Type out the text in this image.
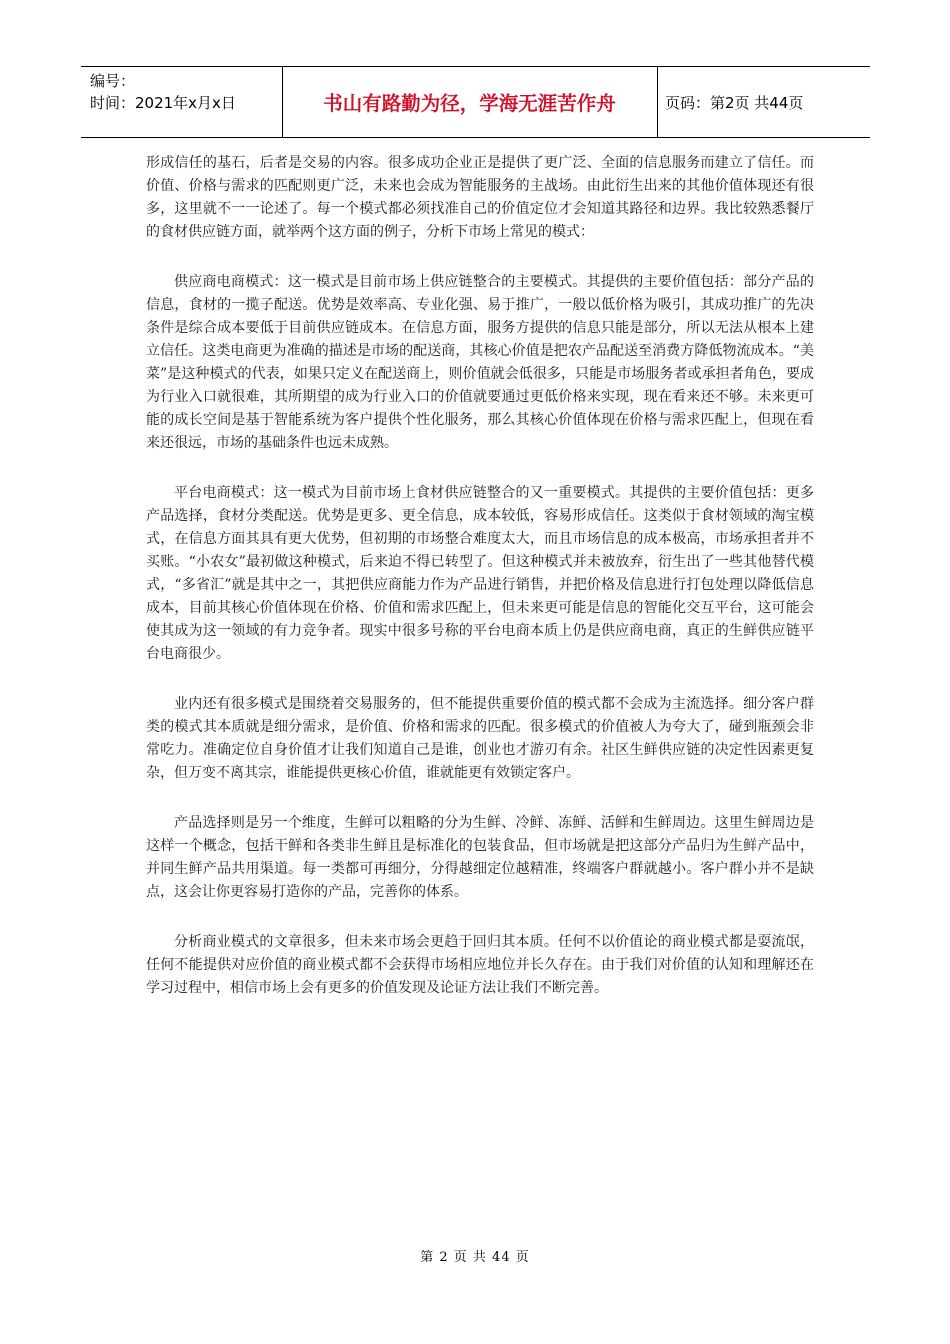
编号：
时间：2021年x月x日	书山有路勤为径，学海无涯苦作舟	页码：第2页 共44页

形成信任的基石，后者是交易的内容。很多成功企业正是提供了更广泛、全面的信息服务而建立了信任。而价值、价格与需求的匹配则更广泛，未来也会成为智能服务的主战场。由此衍生出来的其他价值体现还有很多，这里就不一一论述了。每一个模式都必须找准自己的价值定位才会知道其路径和边界。我比较熟悉餐厅的食材供应链方面，就举两个这方面的例子，分析下市场上常见的模式：

供应商电商模式：这一模式是目前市场上供应链整合的主要模式。其提供的主要价值包括：部分产品的信息，食材的一揽子配送。优势是效率高、专业化强、易于推广，一般以低价格为吸引，其成功推广的先决条件是综合成本要低于目前供应链成本。在信息方面，服务方提供的信息只能是部分，所以无法从根本上建立信任。这类电商更为准确的描述是市场的配送商，其核心价值是把农产品配送至消费方降低物流成本。“美菜”是这种模式的代表，如果只定义在配送商上，则价值就会低很多，只能是市场服务者或承担者角色，要成为行业入口就很难，其所期望的成为行业入口的价值就要通过更低价格来实现，现在看来还不够。未来更可能的成长空间是基于智能系统为客户提供个性化服务，那么其核心价值体现在价格与需求匹配上，但现在看来还很远，市场的基础条件也远未成熟。

平台电商模式：这一模式为目前市场上食材供应链整合的又一重要模式。其提供的主要价值包括：更多产品选择，食材分类配送。优势是更多、更全信息，成本较低，容易形成信任。这类似于食材领域的淘宝模式，在信息方面其具有更大优势，但初期的市场整合难度太大，而且市场信息的成本极高，市场承担者并不买账。“小农女”最初做这种模式，后来迫不得已转型了。但这种模式并未被放弃，衍生出了一些其他替代模式，“多省汇”就是其中之一，其把供应商能力作为产品进行销售，并把价格及信息进行打包处理以降低信息成本，目前其核心价值体现在价格、价值和需求匹配上，但未来更可能是信息的智能化交互平台，这可能会使其成为这一领域的有力竞争者。现实中很多号称的平台电商本质上仍是供应商电商，真正的生鲜供应链平台电商很少。

业内还有很多模式是围绕着交易服务的，但不能提供重要价值的模式都不会成为主流选择。细分客户群类的模式其本质就是细分需求，是价值、价格和需求的匹配。很多模式的价值被人为夸大了，碰到瓶颈会非常吃力。准确定位自身价值才让我们知道自己是谁，创业也才游刃有余。社区生鲜供应链的决定性因素更复杂，但万变不离其宗，谁能提供更核心价值，谁就能更有效锁定客户。

产品选择则是另一个维度，生鲜可以粗略的分为生鲜、冷鲜、冻鲜、活鲜和生鲜周边。这里生鲜周边是这样一个概念，包括干鲜和各类非生鲜且是标准化的包装食品，但市场就是把这部分产品归为生鲜产品中，并同生鲜产品共用渠道。每一类都可再细分，分得越细定位越精准，终端客户群就越小。客户群小并不是缺点，这会让你更容易打造你的产品，完善你的体系。

分析商业模式的文章很多，但未来市场会更趋于回归其本质。任何不以价值论的商业模式都是耍流氓，任何不能提供对应价值的商业模式都不会获得市场相应地位并长久存在。由于我们对价值的认知和理解还在学习过程中，相信市场上会有更多的价值发现及论证方法让我们不断完善。

第 2 页 共 44 页
